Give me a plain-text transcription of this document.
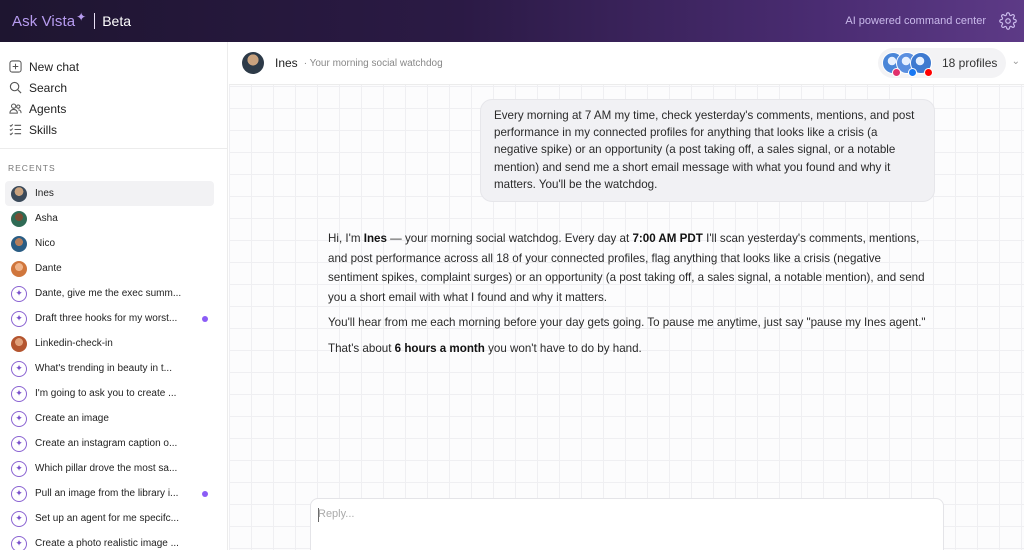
Ask Vista ✦ Beta	AI powered command center
New chat
Search
Agents
Skills
RECENTS
Ines
Asha
Nico
Dante
✦	Dante, give me the exec summ...
✦	Draft three hooks for my worst...
Linkedin-check-in
✦	What's trending in beauty in t...
✦	I'm going to ask you to create ...
✦	Create an image
✦	Create an instagram caption o...
✦	Which pillar drove the most sa...
✦	Pull an image from the library i...
✦	Set up an agent for me specifc...
✦	Create a photo realistic image ...
Ines · Your morning social watchdog	18 profiles ⌄
Every morning at 7 AM my time, check yesterday's comments, mentions, and post performance in my connected profiles for anything that looks like a crisis (a negative spike) or an opportunity (a post taking off, a sales signal, or a notable mention) and send me a short email message with what you found and why it matters. You'll be the watchdog.

Hi, I'm Ines — your morning social watchdog. Every day at 7:00 AM PDT I'll scan yesterday's comments, mentions, and post performance across all 18 of your connected profiles, flag anything that looks like a crisis (negative sentiment spikes, complaint surges) or an opportunity (a post taking off, a sales signal, a notable mention), and send you a short email with what I found and why it matters.

You'll hear from me each morning before your day gets going. To pause me anytime, just say "pause my Ines agent."

That's about 6 hours a month you won't have to do by hand.

Reply...
